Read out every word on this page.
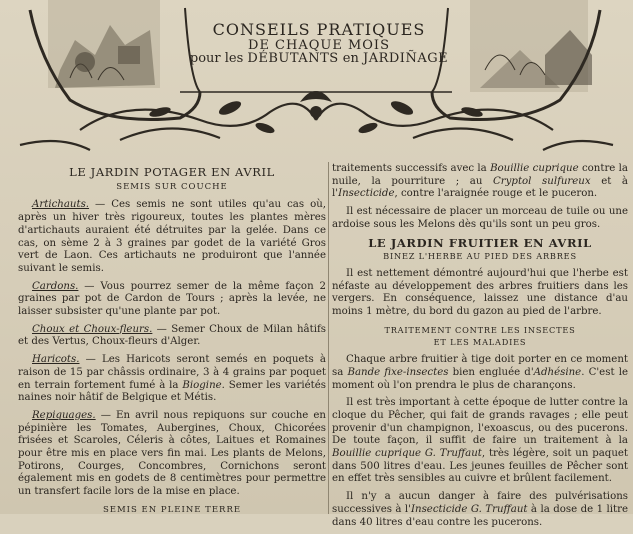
CONSEILS PRATIQUES
DE CHAQUE MOIS
pour les DÉBUTANTS en JARDIÑAGE
LE JARDIN POTAGER EN AVRIL
SEMIS SUR COUCHE

Artichauts. — Ces semis ne sont utiles qu'au cas où, après un hiver très rigoureux, toutes les plantes mères d'artichauts auraient été détruites par la gelée. Dans ce cas, on sème 2 à 3 graines par godet de la variété Gros vert de Laon. Ces artichauts ne produiront que l'année suivant le semis.

Cardons. — Vous pourrez semer de la même façon 2 graines par pot de Cardon de Tours ; après la levée, ne laisser subsister qu'une plante par pot.

Choux et Choux-fleurs. — Semer Choux de Milan hâtifs et des Vertus, Choux-fleurs d'Alger.

Haricots. — Les Haricots seront semés en poquets à raison de 15 par châssis ordinaire, 3 à 4 grains par poquet en terrain fortement fumé à la Biogine. Semer les variétés naines noir hâtif de Belgique et Métis.

Repiquages. — En avril nous repiquons sur couche en pépinière les Tomates, Aubergines, Choux, Chicorées frisées et Scaroles, Céleris à côtes, Laitues et Romaines pour être mis en place vers fin mai. Les plants de Melons, Potirons, Courges, Concombres, Cornichons seront également mis en godets de 8 centimètres pour permettre un transfert facile lors de la mise en place.

SEMIS EN PLEINE TERRE

traitements successifs avec la Bouillie cuprique contre la nuile, la pourriture ; au Cryptol sulfureux et à l'Insecticide, contre l'araignée rouge et le puceron.

Il est nécessaire de placer un morceau de tuile ou une ardoise sous les Melons dès qu'ils sont un peu gros.

LE JARDIN FRUITIER EN AVRIL
BINEZ L'HERBE AU PIED DES ARBRES

Il est nettement démontré aujourd'hui que l'herbe est néfaste au développement des arbres fruitiers dans les vergers. En conséquence, laissez une distance d'au moins 1 mètre, du bord du gazon au pied de l'arbre.

TRAITEMENT CONTRE LES INSECTES
ET LES MALADIES

Chaque arbre fruitier à tige doit porter en ce moment sa Bande fixe-insectes bien engluée d'Adhésine. C'est le moment où l'on prendra le plus de charançons.

Il est très important à cette époque de lutter contre la cloque du Pêcher, qui fait de grands ravages ; elle peut provenir d'un champignon, l'exoascus, ou des pucerons. De toute façon, il suffit de faire un traitement à la Bouillie cuprique G. Truffaut, très légère, soit un paquet dans 500 litres d'eau. Les jeunes feuilles de Pêcher sont en effet très sensibles au cuivre et brûlent facilement.

Il n'y a aucun danger à faire des pulvérisations successives à l'Insecticide G. Truffaut à la dose de 1 litre dans 40 litres d'eau contre les pucerons.
